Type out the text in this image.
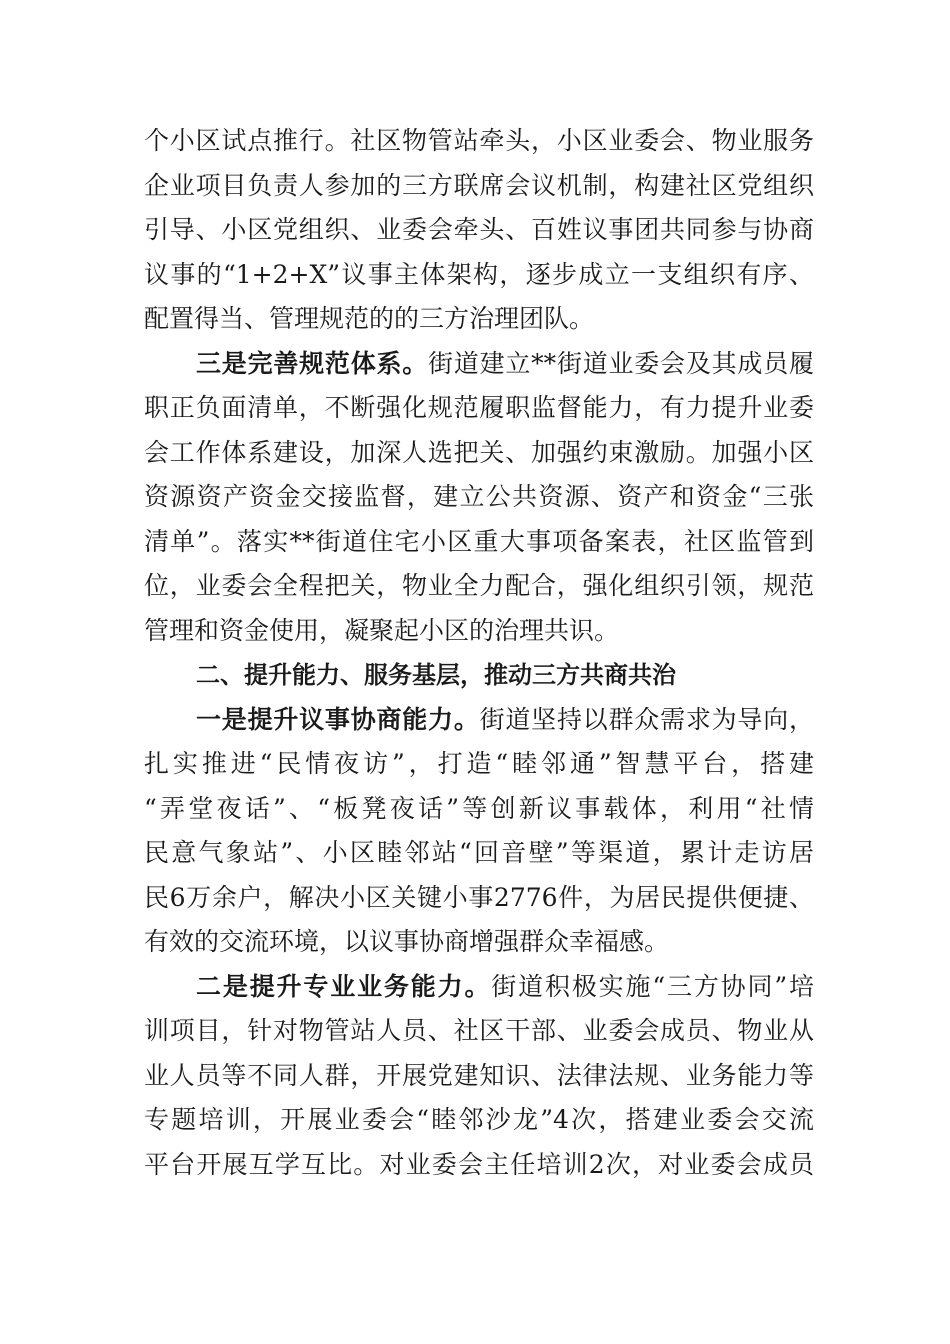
个小区试点推行。社区物管站牵头，小区业委会、物业服务
企业项目负责人参加的三方联席会议机制，构建社区党组织
引导、小区党组织、业委会牵头、百姓议事团共同参与协商
议事的“1+2+X”议事主体架构，逐步成立一支组织有序、
配置得当、管理规范的的三方治理团队。
三是完善规范体系。街道建立**街道业委会及其成员履
职正负面清单，不断强化规范履职监督能力，有力提升业委
会工作体系建设，加深人选把关、加强约束激励。加强小区
资源资产资金交接监督，建立公共资源、资产和资金“三张
清单”。落实**街道住宅小区重大事项备案表，社区监管到
位，业委会全程把关，物业全力配合，强化组织引领，规范
管理和资金使用，凝聚起小区的治理共识。
二、提升能力、服务基层，推动三方共商共治
一是提升议事协商能力。街道坚持以群众需求为导向，
扎实推进“民情夜访”，打造“睦邻通”智慧平台，搭建
“弄堂夜话”、“板凳夜话”等创新议事载体，利用“社情
民意气象站”、小区睦邻站“回音壁”等渠道，累计走访居
民6万余户，解决小区关键小事2776件，为居民提供便捷、
有效的交流环境，以议事协商增强群众幸福感。
二是提升专业业务能力。街道积极实施“三方协同”培
训项目，针对物管站人员、社区干部、业委会成员、物业从
业人员等不同人群，开展党建知识、法律法规、业务能力等
专题培训，开展业委会“睦邻沙龙”4次，搭建业委会交流
平台开展互学互比。对业委会主任培训2次，对业委会成员
